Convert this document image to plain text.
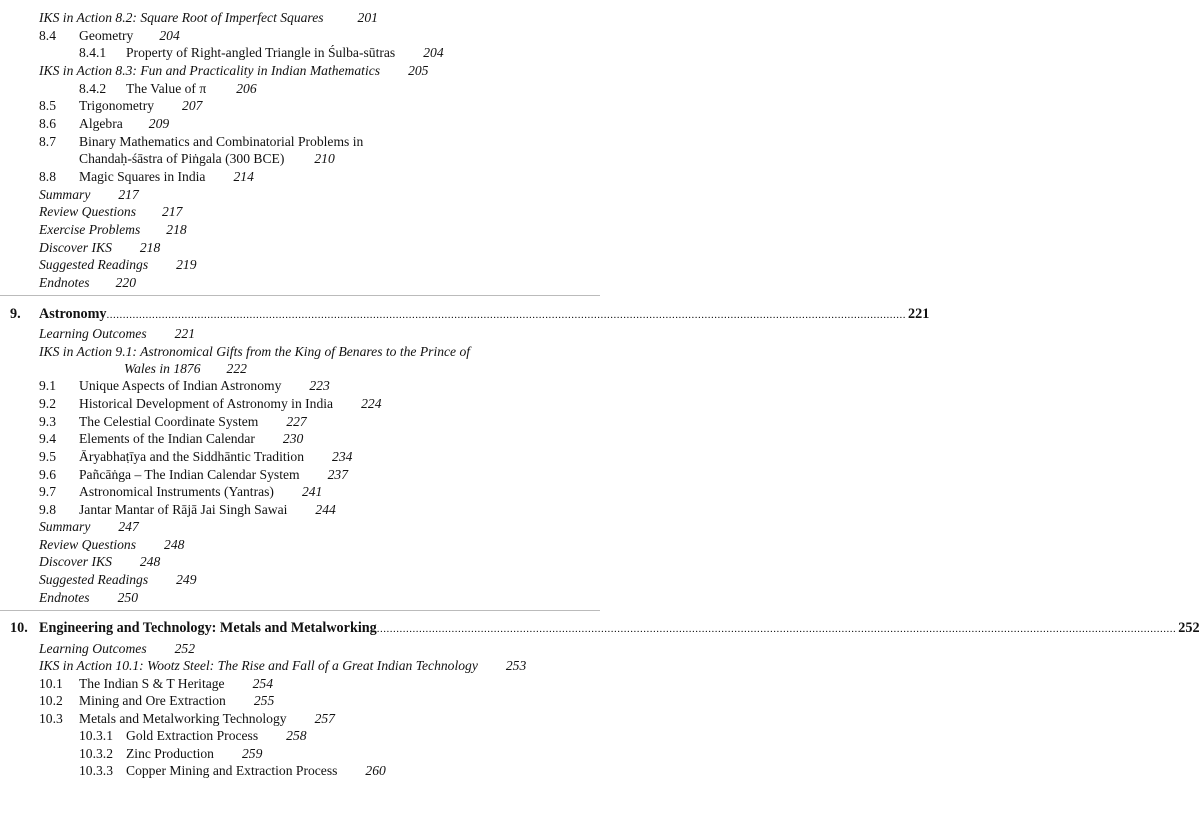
IKS in Action 8.2: Square Root of Imperfect Squares	201
8.4 Geometry 204
8.4.1 Property of Right-angled Triangle in Śulba-sūtras 204
IKS in Action 8.3: Fun and Practicality in Indian Mathematics 205
8.4.2 The Value of π 206
8.5 Trigonometry 207
8.6 Algebra 209
8.7 Binary Mathematics and Combinatorial Problems in
Chandaḥ-śāstra of Piṅgala (300 BCE) 210
8.8 Magic Squares in India 214
Summary 217
Review Questions 217
Exercise Problems 218
Discover IKS 218
Suggested Readings 219
Endnotes 220
9. Astronomy ...................................................................................................................................................................................................................................................... 221
Learning Outcomes 221
IKS in Action 9.1: Astronomical Gifts from the King of Benares to the Prince of
Wales in 1876 222
9.1 Unique Aspects of Indian Astronomy 223
9.2 Historical Development of Astronomy in India 224
9.3 The Celestial Coordinate System 227
9.4 Elements of the Indian Calendar 230
9.5 Āryabhaṭīya and the Siddhāntic Tradition 234
9.6 Pañcāṅga – The Indian Calendar System 237
9.7 Astronomical Instruments (Yantras) 241
9.8 Jantar Mantar of Rājā Jai Singh Sawai 244
Summary 247
Review Questions 248
Discover IKS 248
Suggested Readings 249
Endnotes 250
10. Engineering and Technology: Metals and Metalworking ...................................................................................................................................................................................................................................................... 252
Learning Outcomes 252
IKS in Action 10.1: Wootz Steel: The Rise and Fall of a Great Indian Technology 253
10.1 The Indian S & T Heritage 254
10.2 Mining and Ore Extraction 255
10.3 Metals and Metalworking Technology 257
10.3.1 Gold Extraction Process 258
10.3.2 Zinc Production 259
10.3.3 Copper Mining and Extraction Process 260
